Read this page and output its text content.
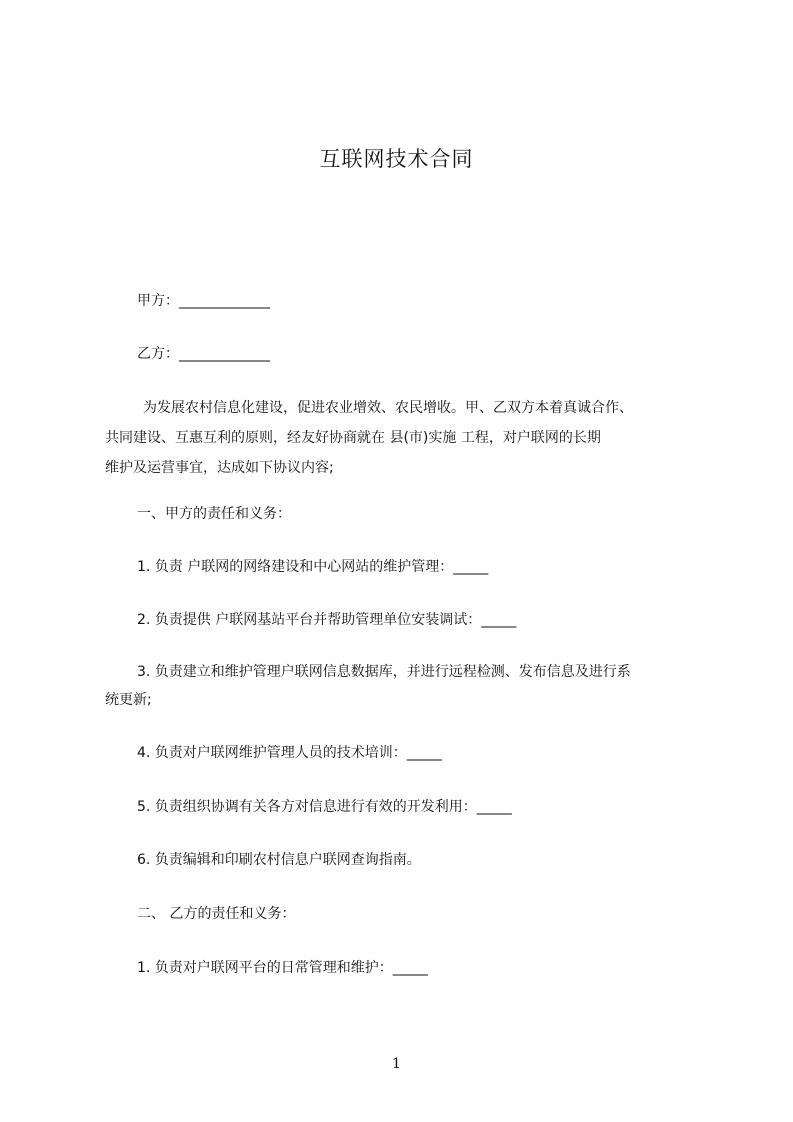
互联网技术合同

甲方：_____________

乙方：_____________

　为发展农村信息化建设，促进农业增效、农民增收。甲、乙双方本着真诚合作、
共同建设、互惠互利的原则，经友好协商就在 县(市)实施 工程，对户联网的长期
维护及运营事宜，达成如下协议内容;

一、甲方的责任和义务：

1. 负责 户联网的网络建设和中心网站的维护管理：_____

2. 负责提供 户联网基站平台并帮助管理单位安装调试：_____

3. 负责建立和维护管理户联网信息数据库，并进行远程检测、发布信息及进行系

统更新;

4. 负责对户联网维护管理人员的技术培训：_____

5. 负责组织协调有关各方对信息进行有效的开发利用：_____

6. 负责编辑和印刷农村信息户联网查询指南。

二、 乙方的责任和义务：

1. 负责对户联网平台的日常管理和维护：_____

1
